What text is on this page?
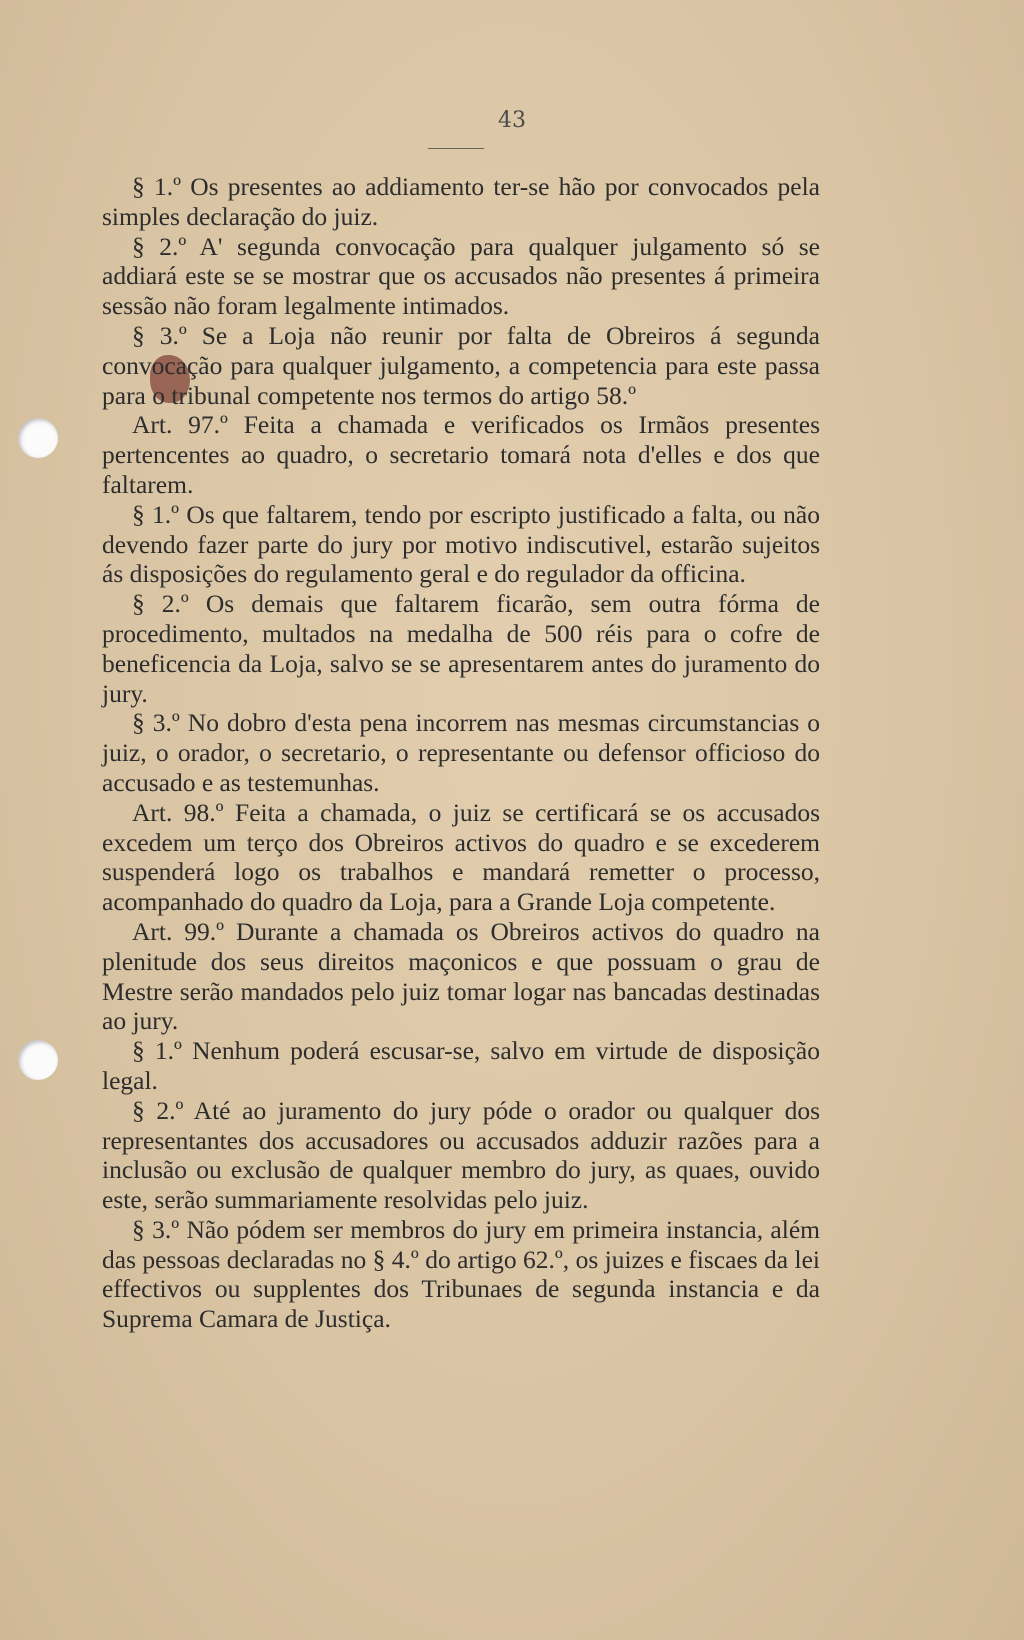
43

§ 1.º Os presentes ao addiamento ter-se hão por convocados pela simples declaração do juiz.

§ 2.º A' segunda convocação para qualquer julgamento só se addiará este se se mostrar que os accusados não presentes á primeira sessão não foram legalmente intimados.

§ 3.º Se a Loja não reunir por falta de Obreiros á segunda convocação para qualquer julgamento, a competencia para este passa para o tribunal competente nos termos do artigo 58.º

Art. 97.º Feita a chamada e verificados os Irmãos presentes pertencentes ao quadro, o secretario tomará nota d'elles e dos que faltarem.

§ 1.º Os que faltarem, tendo por escripto justificado a falta, ou não devendo fazer parte do jury por motivo indiscutivel, estarão sujeitos ás disposições do regulamento geral e do regulador da officina.

§ 2.º Os demais que faltarem ficarão, sem outra fórma de procedimento, multados na medalha de 500 réis para o cofre de beneficencia da Loja, salvo se se apresentarem antes do juramento do jury.

§ 3.º No dobro d'esta pena incorrem nas mesmas circumstancias o juiz, o orador, o secretario, o representante ou defensor officioso do accusado e as testemunhas.

Art. 98.º Feita a chamada, o juiz se certificará se os accusados excedem um terço dos Obreiros activos do quadro e se excederem suspenderá logo os trabalhos e mandará remetter o processo, acompanhado do quadro da Loja, para a Grande Loja competente.

Art. 99.º Durante a chamada os Obreiros activos do quadro na plenitude dos seus direitos maçonicos e que possuam o grau de Mestre serão mandados pelo juiz tomar logar nas bancadas destinadas ao jury.

§ 1.º Nenhum poderá escusar-se, salvo em virtude de disposição legal.

§ 2.º Até ao juramento do jury póde o orador ou qualquer dos representantes dos accusadores ou accusados adduzir razões para a inclusão ou exclusão de qualquer membro do jury, as quaes, ouvido este, serão summariamente resolvidas pelo juiz.

§ 3.º Não pódem ser membros do jury em primeira instancia, além das pessoas declaradas no § 4.º do artigo 62.º, os juizes e fiscaes da lei effectivos ou supplentes dos Tribunaes de segunda instancia e da Suprema Camara de Justiça.
